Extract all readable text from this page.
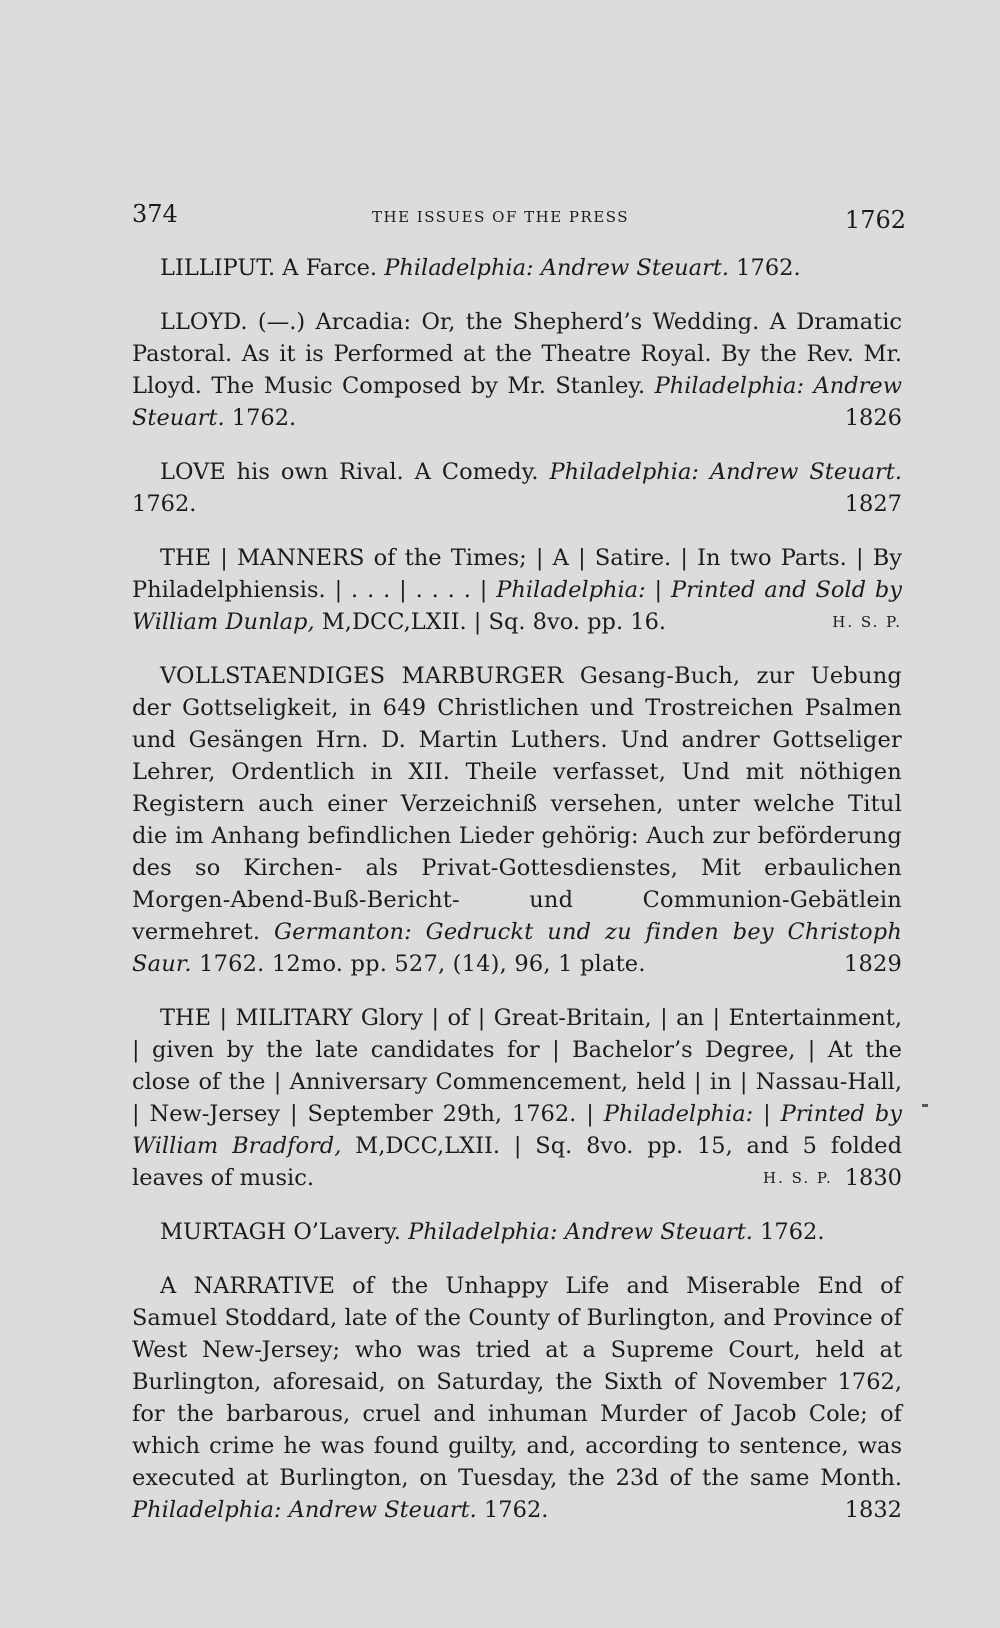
374	THE ISSUES OF THE PRESS	1762

LILLIPUT. A Farce. Philadelphia: Andrew Steuart. 1762.

LLOYD. (—.) Arcadia: Or, the Shepherd’s Wedding. A Dramatic Pastoral. As it is Performed at the Theatre Royal. By the Rev. Mr. Lloyd. The Music Composed by Mr. Stanley. Philadelphia: Andrew Steuart. 1762.	1826

LOVE his own Rival. A Comedy. Philadelphia: Andrew Steuart. 1762.	1827

THE | MANNERS of the Times; | A | Satire. | In two Parts. | By Philadelphiensis. | . . . | . . . . | Philadelphia: | Printed and Sold by William Dunlap, M,DCC,LXII. | Sq. 8vo. pp. 16.	H. S. P.

VOLLSTAENDIGES MARBURGER Gesang-Buch, zur Uebung der Gottseligkeit, in 649 Christlichen und Trostreichen Psalmen und Gesängen Hrn. D. Martin Luthers. Und andrer Gottseliger Lehrer, Ordentlich in XII. Theile verfasset, Und mit nöthigen Registern auch einer Verzeichniß versehen, unter welche Titul die im Anhang befindlichen Lieder gehörig: Auch zur beförderung des so Kirchen- als Privat-Gottesdienstes, Mit erbaulichen Morgen-Abend-Buß-Bericht- und Communion-Gebätlein vermehret. Germanton: Gedruckt und zu finden bey Christoph Saur. 1762. 12mo. pp. 527, (14), 96, 1 plate.	1829

THE | MILITARY Glory | of | Great-Britain, | an | Entertainment, | given by the late candidates for | Bachelor’s Degree, | At the close of the | Anniversary Commencement, held | in | Nassau-Hall, | New-Jersey | September 29th, 1762. | Philadelphia: | Printed by William Bradford, M,DCC,LXII. | Sq. 8vo. pp. 15, and 5 folded leaves of music.	1830
H. S. P.

MURTAGH O’Lavery. Philadelphia: Andrew Steuart. 1762.

A NARRATIVE of the Unhappy Life and Miserable End of Samuel Stoddard, late of the County of Burlington, and Province of West New-Jersey; who was tried at a Supreme Court, held at Burlington, aforesaid, on Saturday, the Sixth of November 1762, for the barbarous, cruel and inhuman Murder of Jacob Cole; of which crime he was found guilty, and, according to sentence, was executed at Burlington, on Tuesday, the 23d of the same Month. Philadelphia: Andrew Steuart. 1762.	1832
